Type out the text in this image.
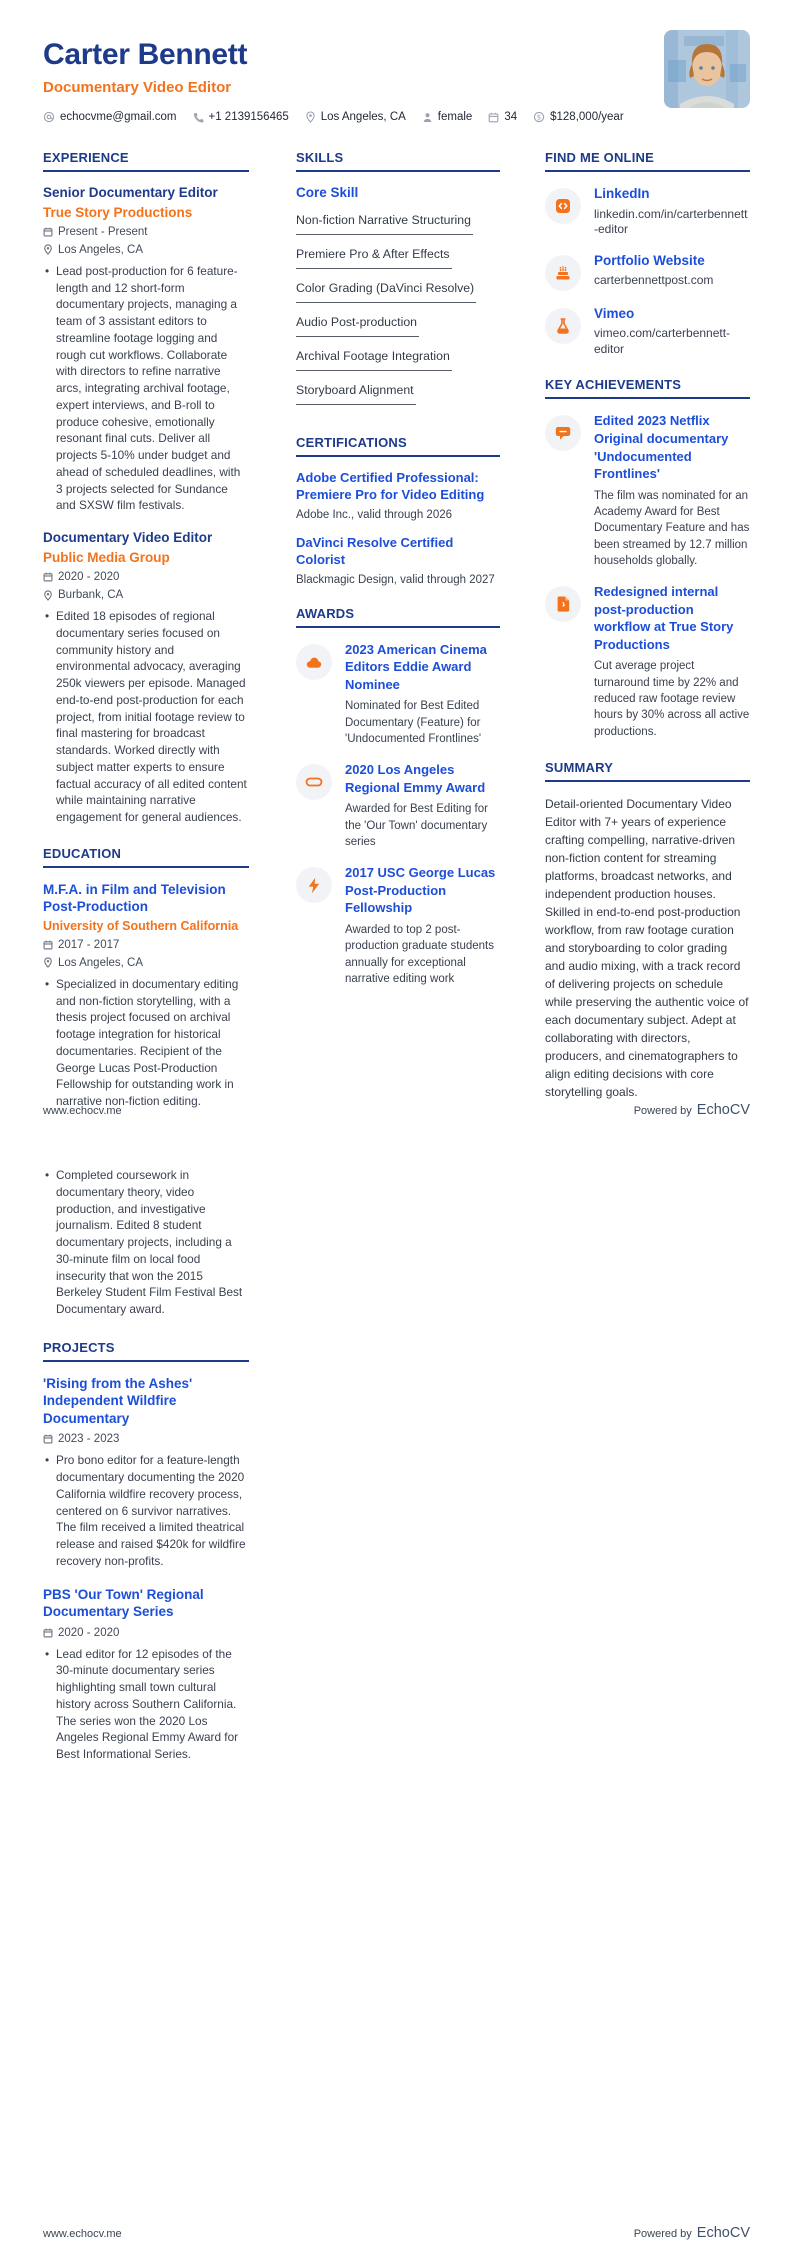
Carter Bennett
Documentary Video Editor
echocvme@gmail.com	+1 2139156465	Los Angeles, CA	female	34	$ $128,000/year
EXPERIENCE
Senior Documentary Editor
True Story Productions
Present - Present
Los Angeles, CA
• Lead post-production for 6 feature-length and 12 short-form documentary projects, managing a team of 3 assistant editors to streamline footage logging and rough cut workflows. Collaborate with directors to refine narrative arcs, integrating archival footage, expert interviews, and B-roll to produce cohesive, emotionally resonant final cuts. Deliver all projects 5-10% under budget and ahead of scheduled deadlines, with 3 projects selected for Sundance and SXSW film festivals.
Documentary Video Editor
Public Media Group
2020 - 2020
Burbank, CA
• Edited 18 episodes of regional documentary series focused on community history and environmental advocacy, averaging 250k viewers per episode. Managed end-to-end post-production for each project, from initial footage review to final mastering for broadcast standards. Worked directly with subject matter experts to ensure factual accuracy of all edited content while maintaining narrative engagement for general audiences.
EDUCATION
M.F.A. in Film and Television Post-Production
University of Southern California
2017 - 2017
Los Angeles, CA
• Specialized in documentary editing and non-fiction storytelling, with a thesis project focused on archival footage integration for historical documentaries. Recipient of the George Lucas Post-Production Fellowship for outstanding work in narrative non-fiction editing.
SKILLS
Core Skill
Non-fiction Narrative Structuring
Premiere Pro & After Effects
Color Grading (DaVinci Resolve)
Audio Post-production
Archival Footage Integration
Storyboard Alignment
CERTIFICATIONS
Adobe Certified Professional: Premiere Pro for Video Editing
Adobe Inc., valid through 2026
DaVinci Resolve Certified Colorist
Blackmagic Design, valid through 2027
AWARDS
2023 American Cinema Editors Eddie Award Nominee
Nominated for Best Edited Documentary (Feature) for 'Undocumented Frontlines'
2020 Los Angeles Regional Emmy Award
Awarded for Best Editing for the 'Our Town' documentary series
2017 USC George Lucas Post-Production Fellowship
Awarded to top 2 post-production graduate students annually for exceptional narrative editing work
FIND ME ONLINE
LinkedIn
linkedin.com/in/carterbennett-editor
Portfolio Website
carterbennettpost.com
Vimeo
vimeo.com/carterbennett-editor
KEY ACHIEVEMENTS
Edited 2023 Netflix Original documentary 'Undocumented Frontlines'
The film was nominated for an Academy Award for Best Documentary Feature and has been streamed by 12.7 million households globally.
Redesigned internal post-production workflow at True Story Productions
Cut average project turnaround time by 22% and reduced raw footage review hours by 30% across all active productions.
SUMMARY
Detail-oriented Documentary Video Editor with 7+ years of experience crafting compelling, narrative-driven non-fiction content for streaming platforms, broadcast networks, and independent production houses. Skilled in end-to-end post-production workflow, from raw footage curation and storyboarding to color grading and audio mixing, with a track record of delivering projects on schedule while preserving the authentic voice of each documentary subject. Adept at collaborating with directors, producers, and cinematographers to align editing decisions with core storytelling goals.
www.echocv.me	Powered by EchoCV
• Completed coursework in documentary theory, video production, and investigative journalism. Edited 8 student documentary projects, including a 30-minute film on local food insecurity that won the 2015 Berkeley Student Film Festival Best Documentary award.
PROJECTS
'Rising from the Ashes' Independent Wildfire Documentary
2023 - 2023
• Pro bono editor for a feature-length documentary documenting the 2020 California wildfire recovery process, centered on 6 survivor narratives. The film received a limited theatrical release and raised $420k for wildfire recovery non-profits.
PBS 'Our Town' Regional Documentary Series
2020 - 2020
• Lead editor for 12 episodes of the 30-minute documentary series highlighting small town cultural history across Southern California. The series won the 2020 Los Angeles Regional Emmy Award for Best Informational Series.
www.echocv.me	Powered by EchoCV
